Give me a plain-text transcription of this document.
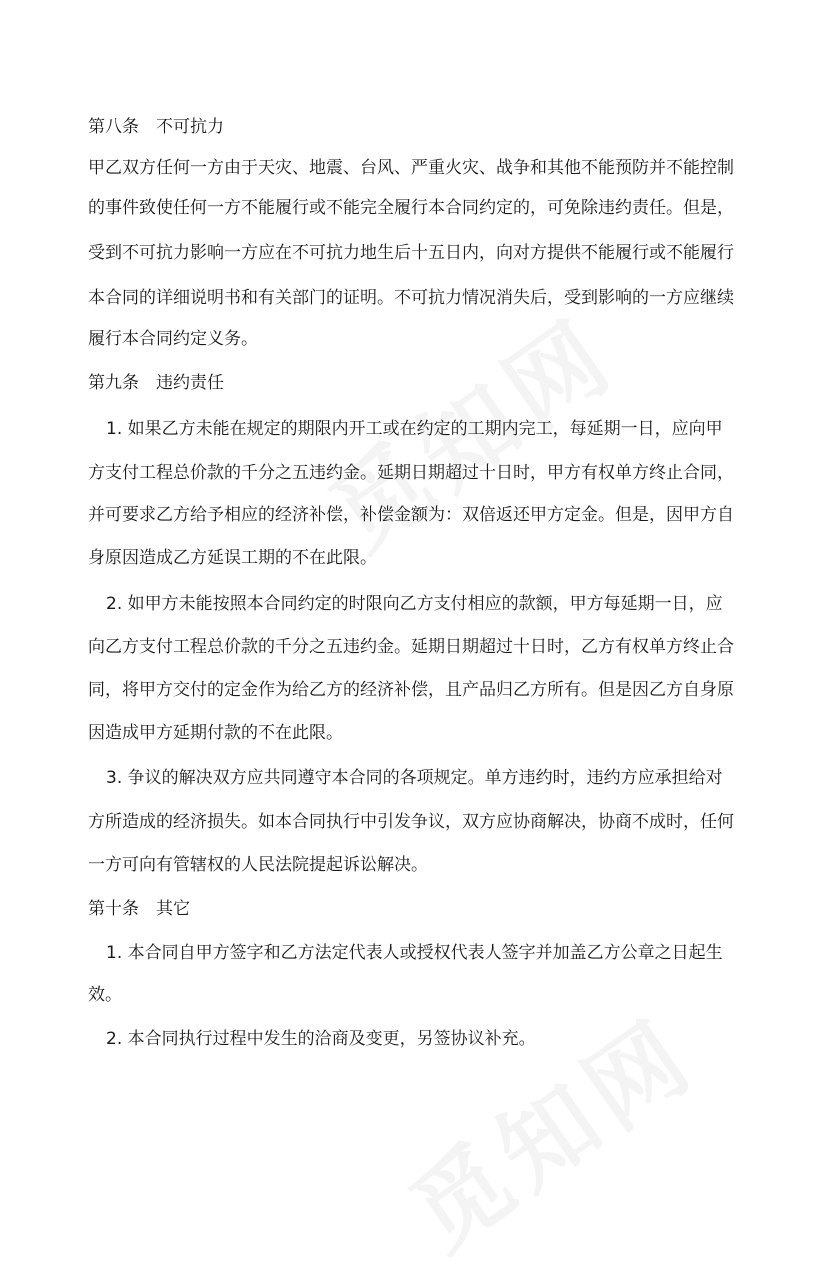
第八条　不可抗力
甲乙双方任何一方由于天灾、地震、台风、严重火灾、战争和其他不能预防并不能控制
的事件致使任何一方不能履行或不能完全履行本合同约定的，可免除违约责任。但是，
受到不可抗力影响一方应在不可抗力地生后十五日内，向对方提供不能履行或不能履行
本合同的详细说明书和有关部门的证明。不可抗力情况消失后，受到影响的一方应继续
履行本合同约定义务。
第九条　违约责任
1. 如果乙方未能在规定的期限内开工或在约定的工期内完工，每延期一日，应向甲
方支付工程总价款的千分之五违约金。延期日期超过十日时，甲方有权单方终止合同，
并可要求乙方给予相应的经济补偿，补偿金额为：双倍返还甲方定金。但是，因甲方自
身原因造成乙方延误工期的不在此限。
2. 如甲方未能按照本合同约定的时限向乙方支付相应的款额，甲方每延期一日，应
向乙方支付工程总价款的千分之五违约金。延期日期超过十日时，乙方有权单方终止合
同，将甲方交付的定金作为给乙方的经济补偿，且产品归乙方所有。但是因乙方自身原
因造成甲方延期付款的不在此限。
3. 争议的解决双方应共同遵守本合同的各项规定。单方违约时，违约方应承担给对
方所造成的经济损失。如本合同执行中引发争议，双方应协商解决，协商不成时，任何
一方可向有管辖权的人民法院提起诉讼解决。
第十条　其它
1. 本合同自甲方签字和乙方法定代表人或授权代表人签字并加盖乙方公章之日起生
效。
2. 本合同执行过程中发生的洽商及变更，另签协议补充。
